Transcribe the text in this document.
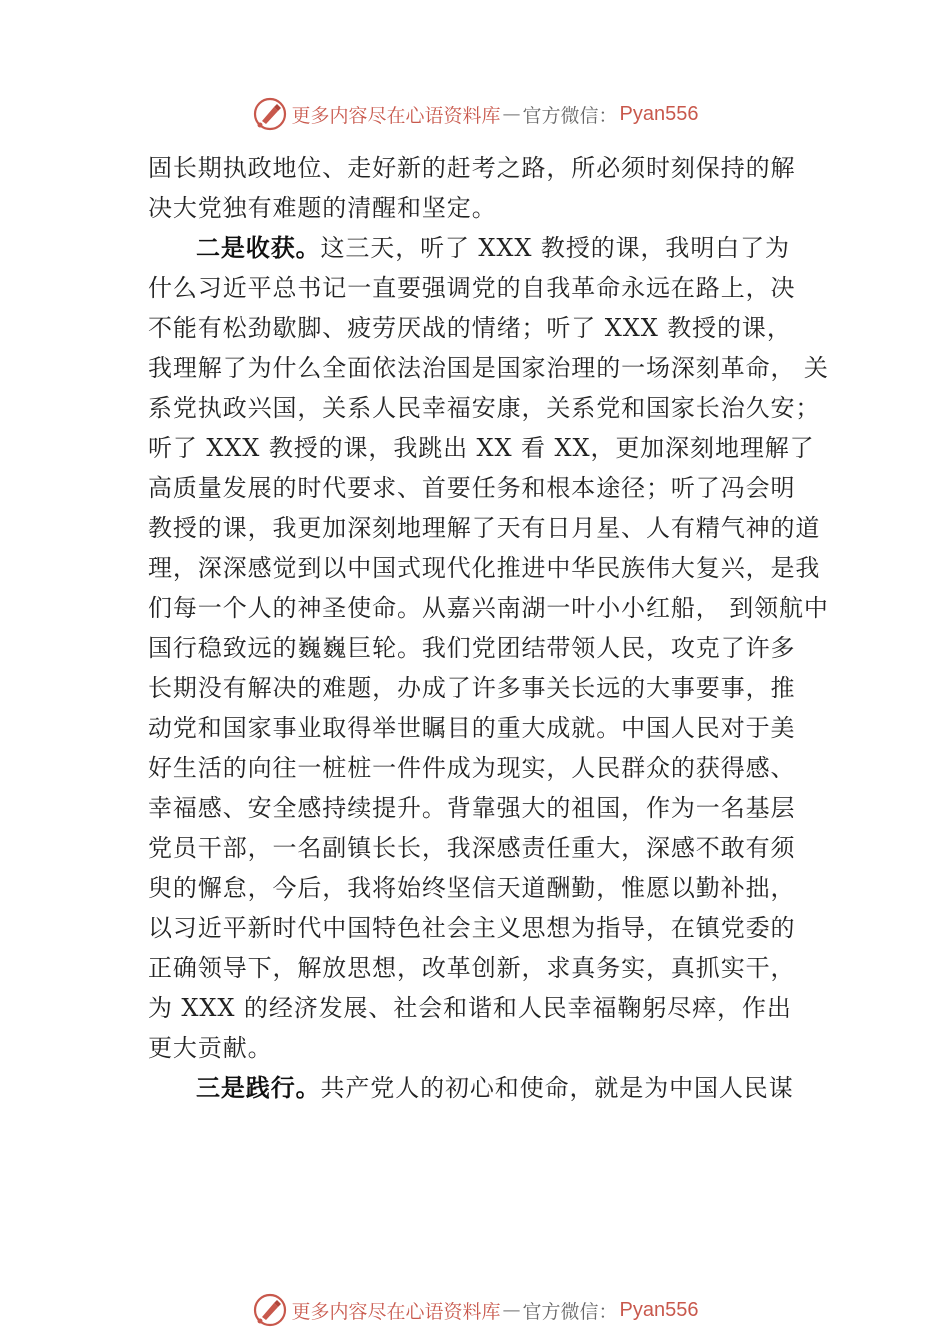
更多内容尽在心语资料库 — 官方微信： Pyan556
固长期执政地位、走好新的赶考之路，所必须时刻保持的解
决大党独有难题的清醒和坚定。
二是收获。这三天，听了 XXX 教授的课，我明白了为
什么习近平总书记一直要强调党的自我革命永远在路上，决
不能有松劲歇脚、疲劳厌战的情绪；听了 XXX 教授的课，
我理解了为什么全面依法治国是国家治理的一场深刻革命， 关
系党执政兴国，关系人民幸福安康，关系党和国家长治久安；
听了 XXX 教授的课，我跳出 XX 看 XX，更加深刻地理解了
高质量发展的时代要求、首要任务和根本途径；听了冯会明
教授的课，我更加深刻地理解了天有日月星、人有精气神的道
理，深深感觉到以中国式现代化推进中华民族伟大复兴，是我
们每一个人的神圣使命。从嘉兴南湖一叶小小红船， 到领航中
国行稳致远的巍巍巨轮。我们党团结带领人民，攻克了许多
长期没有解决的难题，办成了许多事关长远的大事要事，推
动党和国家事业取得举世瞩目的重大成就。中国人民对于美
好生活的向往一桩桩一件件成为现实，人民群众的获得感、
幸福感、安全感持续提升。背靠强大的祖国，作为一名基层
党员干部，一名副镇长长，我深感责任重大，深感不敢有须
臾的懈怠，今后，我将始终坚信天道酬勤，惟愿以勤补拙，
以习近平新时代中国特色社会主义思想为指导，在镇党委的
正确领导下，解放思想，改革创新，求真务实，真抓实干，
为 XXX 的经济发展、社会和谐和人民幸福鞠躬尽瘁，作出
更大贡献。
三是践行。共产党人的初心和使命，就是为中国人民谋
更多内容尽在心语资料库 — 官方微信： Pyan556
